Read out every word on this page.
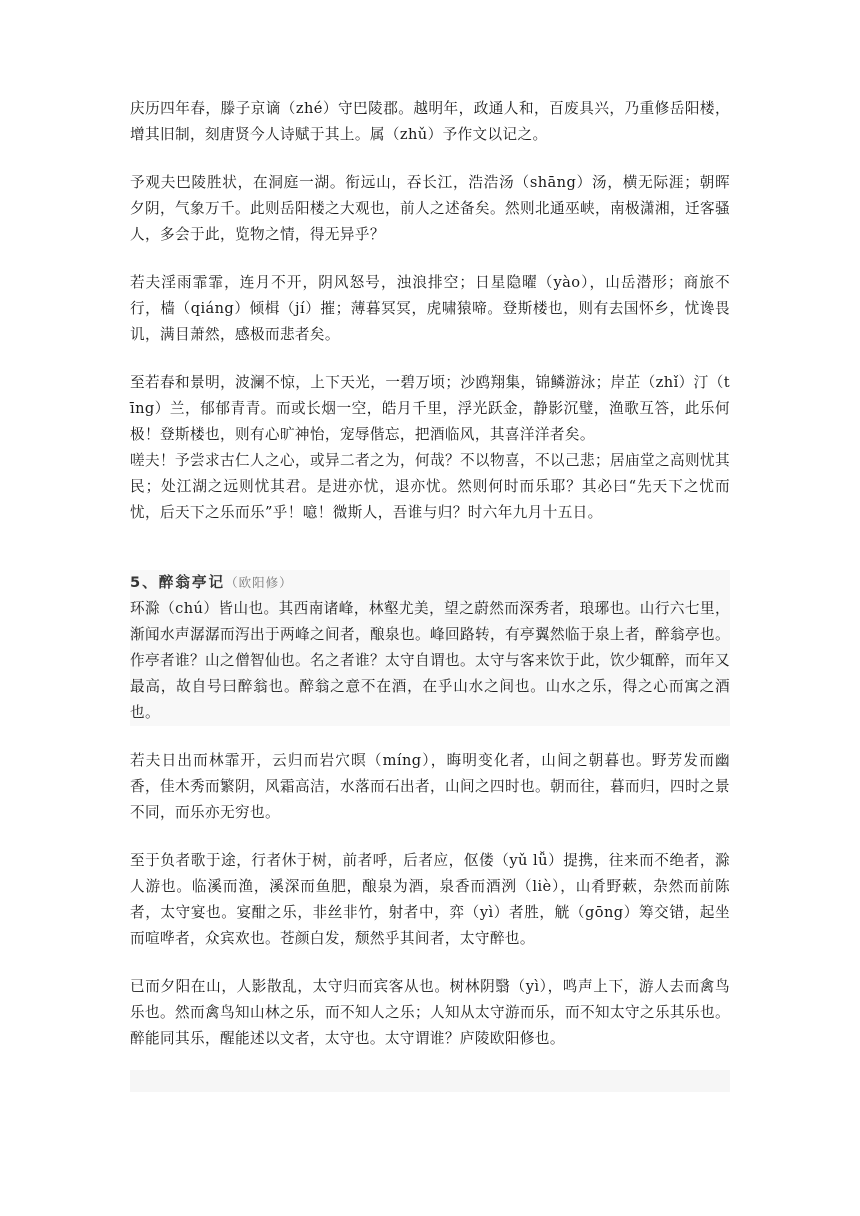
庆历四年春，滕子京谪（zhé）守巴陵郡。越明年，政通人和，百废具兴，乃重修岳阳楼，增其旧制，刻唐贤今人诗赋于其上。属（zhǔ）予作文以记之。

予观夫巴陵胜状，在洞庭一湖。衔远山，吞长江，浩浩汤（shāng）汤，横无际涯；朝晖夕阴，气象万千。此则岳阳楼之大观也，前人之述备矣。然则北通巫峡，南极潇湘，迁客骚人，多会于此，览物之情，得无异乎？

若夫淫雨霏霏，连月不开，阴风怒号，浊浪排空；日星隐曜（yào），山岳潜形；商旅不行，樯（qiáng）倾楫（jí）摧；薄暮冥冥，虎啸猿啼。登斯楼也，则有去国怀乡，忧谗畏讥，满目萧然，感极而悲者矣。

至若春和景明，波澜不惊，上下天光，一碧万顷；沙鸥翔集，锦鳞游泳；岸芷（zhǐ）汀（tīng）兰，郁郁青青。而或长烟一空，皓月千里，浮光跃金，静影沉璧，渔歌互答，此乐何极！登斯楼也，则有心旷神怡，宠辱偕忘，把酒临风，其喜洋洋者矣。

嗟夫！予尝求古仁人之心，或异二者之为，何哉？不以物喜，不以己悲；居庙堂之高则忧其民；处江湖之远则忧其君。是进亦忧，退亦忧。然则何时而乐耶？其必曰“先天下之忧而忧，后天下之乐而乐”乎！噫！微斯人，吾谁与归？时六年九月十五日。

5、醉翁亭记（欧阳修）

环滁（chú）皆山也。其西南诸峰，林壑尤美，望之蔚然而深秀者，琅琊也。山行六七里，渐闻水声潺潺而泻出于两峰之间者，酿泉也。峰回路转，有亭翼然临于泉上者，醉翁亭也。作亭者谁？山之僧智仙也。名之者谁？太守自谓也。太守与客来饮于此，饮少辄醉，而年又最高，故自号曰醉翁也。醉翁之意不在酒，在乎山水之间也。山水之乐，得之心而寓之酒也。

若夫日出而林霏开，云归而岩穴暝（míng），晦明变化者，山间之朝暮也。野芳发而幽香，佳木秀而繁阴，风霜高洁，水落而石出者，山间之四时也。朝而往，暮而归，四时之景不同，而乐亦无穷也。

至于负者歌于途，行者休于树，前者呼，后者应，伛偻（yǔ lǚ）提携，往来而不绝者，滁人游也。临溪而渔，溪深而鱼肥，酿泉为酒，泉香而酒洌（liè），山肴野蔌，杂然而前陈者，太守宴也。宴酣之乐，非丝非竹，射者中，弈（yì）者胜，觥（gōng）筹交错，起坐而喧哗者，众宾欢也。苍颜白发，颓然乎其间者，太守醉也。

已而夕阳在山，人影散乱，太守归而宾客从也。树林阴翳（yì），鸣声上下，游人去而禽鸟乐也。然而禽鸟知山林之乐，而不知人之乐；人知从太守游而乐，而不知太守之乐其乐也。醉能同其乐，醒能述以文者，太守也。太守谓谁？庐陵欧阳修也。
